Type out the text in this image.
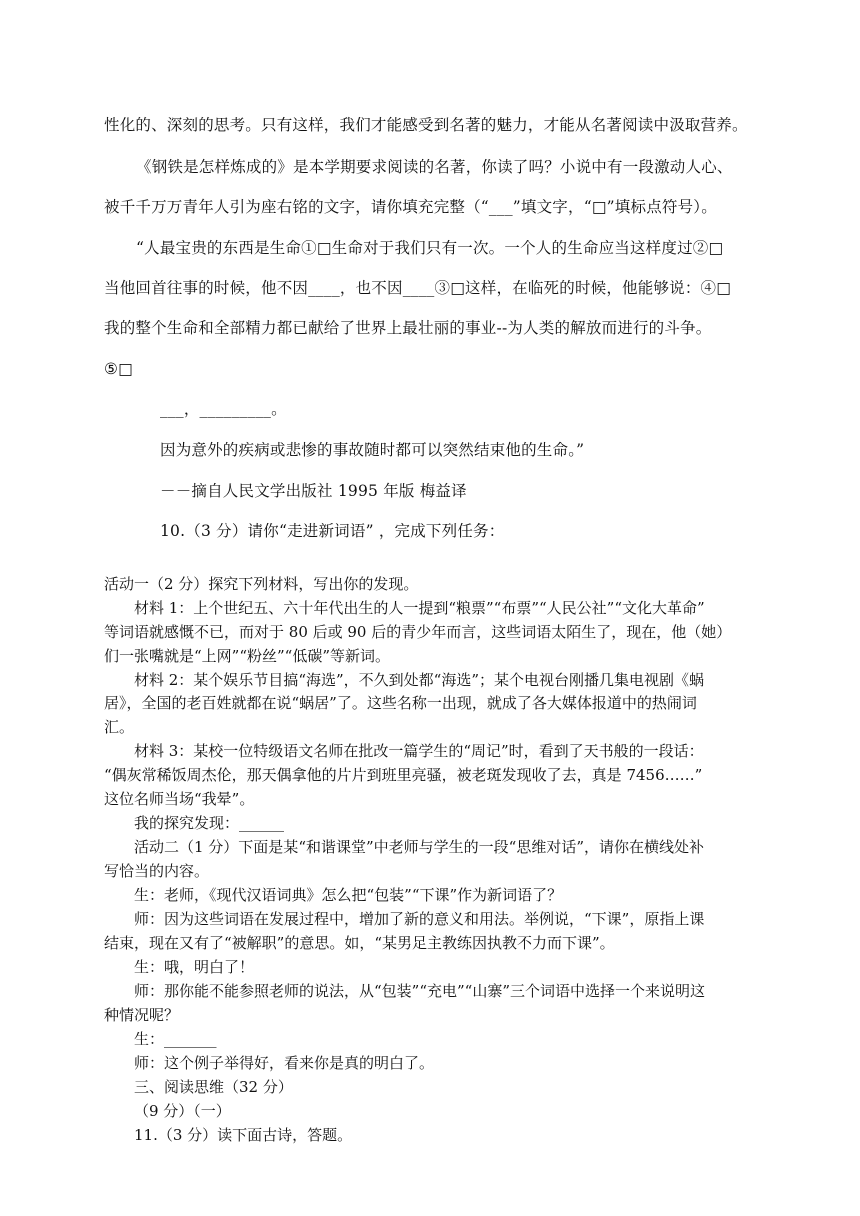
性化的、深刻的思考。只有这样，我们才能感受到名著的魅力，才能从名著阅读中汲取营养。

《钢铁是怎样炼成的》是本学期要求阅读的名著，你读了吗？小说中有一段激动人心、

被千千万万青年人引为座右铭的文字，请你填充完整（“___”填文字，“□”填标点符号）。

“人最宝贵的东西是生命①□生命对于我们只有一次。一个人的生命应当这样度过②□

当他回首往事的时候，他不因____，也不因____③□这样，在临死的时候，他能够说：④□

我的整个生命和全部精力都已献给了世界上最壮丽的事业--为人类的解放而进行的斗争。

⑤□

___，_________。

因为意外的疾病或悲惨的事故随时都可以突然结束他的生命。”

－－摘自人民文学出版社 1995 年版 梅益译

10.（3 分）请你“走进新词语” ，完成下列任务：

活动一（2 分）探究下列材料，写出你的发现。

材料 1：上个世纪五、六十年代出生的人一提到“粮票”“布票”“人民公社”“文化大革命”

等词语就感慨不已，而对于 80 后或 90 后的青少年而言，这些词语太陌生了，现在，他（她）

们一张嘴就是“上网”“粉丝”“低碳”等新词。

材料 2：某个娱乐节目搞“海选”，不久到处都“海选”；某个电视台刚播几集电视剧《蜗

居》，全国的老百姓就都在说“蜗居”了。这些名称一出现，就成了各大媒体报道中的热闹词

汇。

材料 3：某校一位特级语文名师在批改一篇学生的“周记”时，看到了天书般的一段话：

“偶灰常稀饭周杰伦，那天偶拿他的片片到班里亮骚，被老斑发现收了去，真是 7456……”

这位名师当场“我晕”。

我的探究发现：______

活动二（1 分）下面是某“和谐课堂”中老师与学生的一段“思维对话”，请你在横线处补

写恰当的内容。

生：老师，《现代汉语词典》怎么把“包装”“下课”作为新词语了？

师：因为这些词语在发展过程中，增加了新的意义和用法。举例说，“下课”，原指上课

结束，现在又有了“被解职”的意思。如，“某男足主教练因执教不力而下课”。

生：哦，明白了！

师：那你能不能参照老师的说法，从“包装”“充电”“山寨”三个词语中选择一个来说明这

种情况呢？

生：_______

师：这个例子举得好，看来你是真的明白了。

三、阅读思维（32 分）

（9 分）（一）

11.（3 分）读下面古诗，答题。
